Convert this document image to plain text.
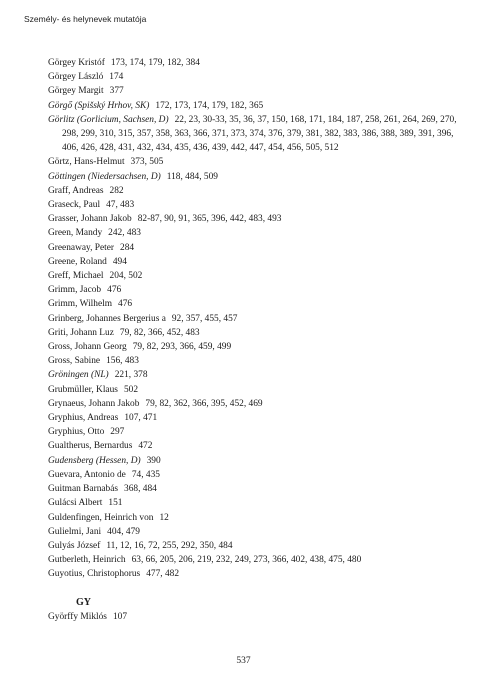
Személy- és helynevek mutatója
Görgey Kristóf 173, 174, 179, 182, 384
Görgey László 174
Görgey Margit 377
Görgő (Spišský Hrhov, SK) 172, 173, 174, 179, 182, 365
Görlitz (Gorlicium, Sachsen, D) 22, 23, 30-33, 35, 36, 37, 150, 168, 171, 184, 187, 258, 261, 264, 269, 270, 298, 299, 310, 315, 357, 358, 363, 366, 371, 373, 374, 376, 379, 381, 382, 383, 386, 388, 389, 391, 396, 406, 426, 428, 431, 432, 434, 435, 436, 439, 442, 447, 454, 456, 505, 512
Görtz, Hans-Helmut 373, 505
Göttingen (Niedersachsen, D) 118, 484, 509
Graff, Andreas 282
Graseck, Paul 47, 483
Grasser, Johann Jakob 82-87, 90, 91, 365, 396, 442, 483, 493
Green, Mandy 242, 483
Greenaway, Peter 284
Greene, Roland 494
Greff, Michael 204, 502
Grimm, Jacob 476
Grimm, Wilhelm 476
Grinberg, Johannes Bergerius a 92, 357, 455, 457
Griti, Johann Luz 79, 82, 366, 452, 483
Gross, Johann Georg 79, 82, 293, 366, 459, 499
Gross, Sabine 156, 483
Gröningen (NL) 221, 378
Grubmüller, Klaus 502
Grynaeus, Johann Jakob 79, 82, 362, 366, 395, 452, 469
Gryphius, Andreas 107, 471
Gryphius, Otto 297
Gualtherus, Bernardus 472
Gudensberg (Hessen, D) 390
Guevara, Antonio de 74, 435
Guitman Barnabás 368, 484
Gulácsi Albert 151
Guldenfingen, Heinrich von 12
Gulielmi, Jani 404, 479
Gulyás József 11, 12, 16, 72, 255, 292, 350, 484
Gutberleth, Heinrich 63, 66, 205, 206, 219, 232, 249, 273, 366, 402, 438, 475, 480
Guyotius, Christophorus 477, 482
GY
Györffy Miklós 107
537
